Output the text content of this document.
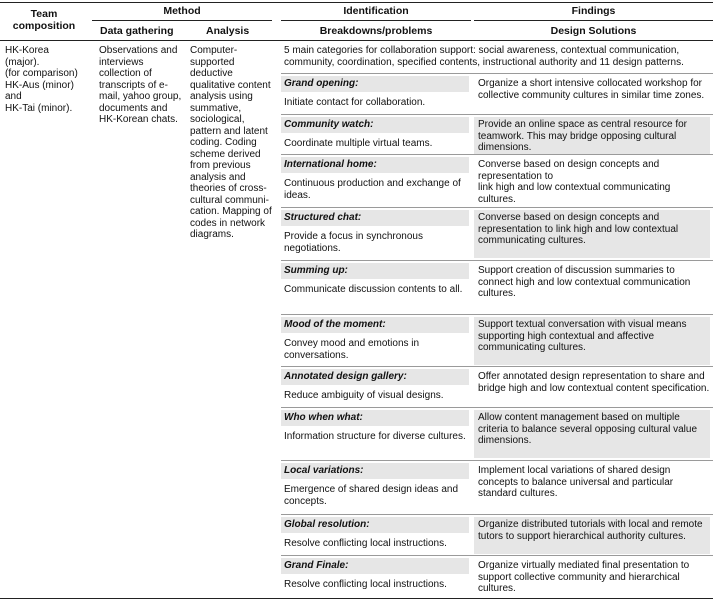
Team composition
Method
Data gathering	Analysis
Identification
Breakdowns/problems
Findings
Design Solutions
HK-Korea (major).
(for comparison) HK-Aus (minor) and
HK-Tai (minor).
Observations and interviews collection of transcripts of e-mail, yahoo group, documents and HK-Korean chats.
Computer-supported deductive qualitative content analysis using summative, sociological, pattern and latent coding. Coding scheme derived from previous analysis and theories of cross- cultural communi-cation. Mapping of codes in network diagrams.
5 main categories for collaboration support: social awareness, contextual communication, community, coordination, specified contents, instructional authority and 11 design patterns.
Grand opening:
Initiate contact for collaboration.
Organize a short intensive collocated workshop for collective community cultures in similar time zones.
Community watch:
Coordinate multiple virtual teams.
Provide an online space as central resource for teamwork. This may bridge opposing cultural dimensions.
International home:
Continuous production and exchange of ideas.
Converse based on design concepts and representation to
link high and low contextual communicating cultures.
Structured chat:
Provide a focus in synchronous negotiations.
Converse based on design concepts and representation to link high and low contextual communicating cultures.
Summing up:
Communicate discussion contents to all.
Support creation of discussion summaries to connect high and low contextual communication cultures.
Mood of the moment:
Convey mood and emotions in conversations.
Support textual conversation with visual means supporting high contextual and affective communicating cultures.
Annotated design gallery:
Reduce ambiguity of visual designs.
Offer annotated design representation to share and bridge high and low contextual content specification.
Who when what:
Information structure for diverse cultures.
Allow content management based on multiple criteria to balance several opposing cultural value dimensions.
Local variations:
Emergence of shared design ideas and concepts.
Implement local variations of shared design concepts to balance universal and particular standard cultures.
Global resolution:
Resolve conflicting local instructions.
Organize distributed tutorials with local and remote tutors to support hierarchical authority cultures.
Grand Finale:
Resolve conflicting local instructions.
Organize virtually mediated final presentation to support collective community and hierarchical cultures.
